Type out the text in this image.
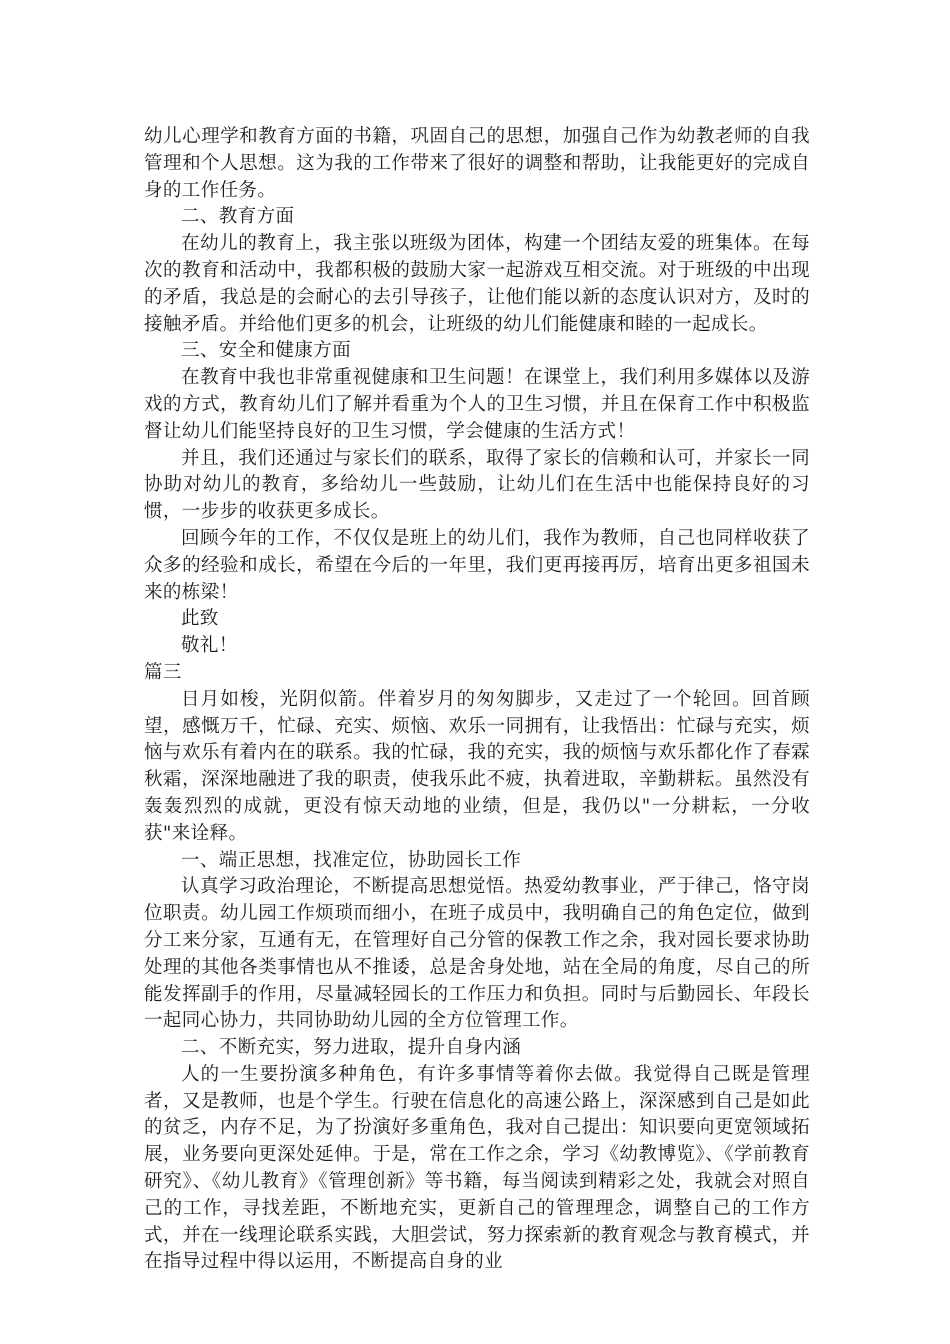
幼儿心理学和教育方面的书籍，巩固自己的思想，加强自己作为幼教老师的自我管理和个人思想。这为我的工作带来了很好的调整和帮助，让我能更好的完成自身的工作任务。

二、教育方面

在幼儿的教育上，我主张以班级为团体，构建一个团结友爱的班集体。在每次的教育和活动中，我都积极的鼓励大家一起游戏互相交流。对于班级的中出现的矛盾，我总是的会耐心的去引导孩子，让他们能以新的态度认识对方，及时的接触矛盾。并给他们更多的机会，让班级的幼儿们能健康和睦的一起成长。

三、安全和健康方面

在教育中我也非常重视健康和卫生问题！在课堂上，我们利用多媒体以及游戏的方式，教育幼儿们了解并看重为个人的卫生习惯，并且在保育工作中积极监督让幼儿们能坚持良好的卫生习惯，学会健康的生活方式！

并且，我们还通过与家长们的联系，取得了家长的信赖和认可，并家长一同协助对幼儿的教育，多给幼儿一些鼓励，让幼儿们在生活中也能保持良好的习惯，一步步的收获更多成长。

回顾今年的工作，不仅仅是班上的幼儿们，我作为教师，自己也同样收获了众多的经验和成长，希望在今后的一年里，我们更再接再厉，培育出更多祖国未来的栋梁！

此致

敬礼！

篇三

日月如梭，光阴似箭。伴着岁月的匆匆脚步，又走过了一个轮回。回首顾望，感慨万千，忙碌、充实、烦恼、欢乐一同拥有，让我悟出：忙碌与充实，烦恼与欢乐有着内在的联系。我的忙碌，我的充实，我的烦恼与欢乐都化作了春霖秋霜，深深地融进了我的职责，使我乐此不疲，执着进取，辛勤耕耘。虽然没有轰轰烈烈的成就，更没有惊天动地的业绩，但是，我仍以"一分耕耘，一分收获"来诠释。

一、端正思想，找准定位，协助园长工作

认真学习政治理论，不断提高思想觉悟。热爱幼教事业，严于律己，恪守岗位职责。幼儿园工作烦琐而细小，在班子成员中，我明确自己的角色定位，做到分工来分家，互通有无，在管理好自己分管的保教工作之余，我对园长要求协助处理的其他各类事情也从不推诿，总是舍身处地，站在全局的角度，尽自己的所能发挥副手的作用，尽量减轻园长的工作压力和负担。同时与后勤园长、年段长一起同心协力，共同协助幼儿园的全方位管理工作。

二、不断充实，努力进取，提升自身内涵

人的一生要扮演多种角色，有许多事情等着你去做。我觉得自己既是管理者，又是教师，也是个学生。行驶在信息化的高速公路上，深深感到自己是如此的贫乏，内存不足，为了扮演好多重角色，我对自己提出：知识要向更宽领域拓展，业务要向更深处延伸。于是，常在工作之余，学习《幼教博览》、《学前教育研究》、《幼儿教育》《管理创新》等书籍，每当阅读到精彩之处，我就会对照自己的工作，寻找差距，不断地充实，更新自己的管理理念，调整自己的工作方式，并在一线理论联系实践，大胆尝试，努力探索新的教育观念与教育模式，并在指导过程中得以运用，不断提高自身的业
